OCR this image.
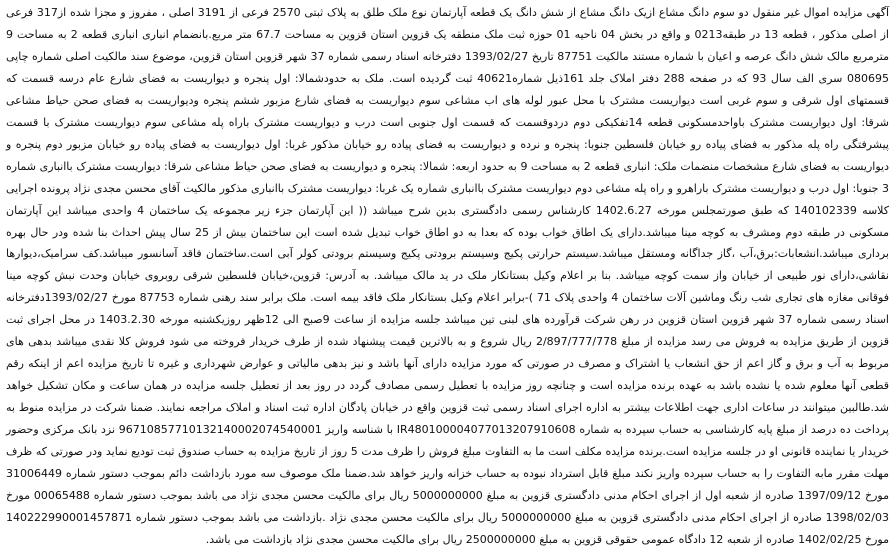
آگهی مزایده اموال غیر منقول دو سوم دانگ مشاع ازیک دانگ مشاع از شش دانگ یک قطعه آپارتمان نوع ملک طلق به پلاک ثبتی 2570 فرعی از 3191 اصلی ، مفروز و مجزا شده از317 فرعی از اصلی مذکور ، قطعه 13 در طبقه0213 و واقع در بخش 04 ناحیه 01 حوزه ثبت ملک منطقه یک قزوین استان قزوین به مساحت 67.7 متر مربع.بانضمام انباری انباری قطعه 2 به مساحت 9 مترمربع مالک شش دانگ عرصه و اعیان با شماره مستند مالکیت 87751 تاریخ 1393/02/27 دفترخانه اسناد رسمی شماره 37 شهر قزوین استان قزوین، موضوع سند مالکیت اصلی شماره چاپی 080695 سری الف سال 93 که در صفحه 288 دفتر املاک جلد 161ذیل شماره40621 ثبت گردیده است. ملک به حدودشمالا: اول پنجره و دیواریست به فضای شارع عام درسه قسمت که قسمتهای اول شرقی و سوم غربی است دیواریست مشترک با محل عبور لوله های اب مشاعی سوم دیواریست به فضای شارع مزبور ششم پنجره ودیواریست به فضای صحن حیاط مشاعی شرقا: اول دیواریست مشترک باواحدمسکونی قطعه 14تفکیکی دوم دردوقسمت که قسمت اول جنوبی است درب و دیواریست مشترک باراه پله مشاعی سوم دیواریست مشترک با قسمت پیشرفتگی راه پله مذکور به فضای پیاده رو خیابان فلسطین جنوبا: پنجره و نرده و دیواریست به فضای پیاده رو خیابان مذکور غربا: اول دیواریست به فضای پیاده رو خیابان مزبور دوم پنجره و دیواریست به فضای شارع مشخصات منضمات ملک: انباری قطعه 2 به مساحت 9 به حدود اربعه: شمالا: پنجره و دیواریست به فضای صحن حیاط مشاعی شرقا: دیواریست مشترک باانباری شماره 3 جنوبا: اول درب و دیواریست مشترک باراهرو و راه پله مشاعی دوم دیواریست مشترک باانباری شماره یک غربا: دیواریست مشترک باانباری مذکور مالکیت آقای محسن مجدی نژاد پرونده اجرایی کلاسه 140102339 که طبق صورتمجلس مورخه 1402.6.27 کارشناس رسمی دادگستری بدین شرح میباشد (( این آپارتمان جزء زیر مجموعه یک ساختمان 4 واحدی میباشد این آپارتمان مسکونی در طبقه دوم ومشرف به کوچه مینا میباشد.دارای یک اطاق خواب بوده که بعدا به دو اطاق خواب تبدیل شده است این ساختمان بیش از 25 سال پیش احداث بنا شده ودر حال بهره برداری میباشد.انشعابات:برق،آب ،گاز جداگانه ومستقل میباشد.سیستم حرارتی پکیج وسیستم برودتی پکیج وسیستم برودتی کولر آبی است.ساختمان فاقد آسانسور میباشد.کف سرامیک،دیوارها نقاشی،دارای نور طبیعی از خیابان واز سمت کوچه میباشد. بنا بر اعلام وکیل بستانکار ملک در ید مالک میباشد. به آدرس: قزوین،خیابان فلسطین شرقی روبروی خیابان وحدت نبش کوچه مینا فوقانی مغازه های تجاری شب رنگ وماشین آلات ساختمان 4 واحدی پلاک 71 )-برابر اعلام وکیل بستانکار ملک فاقد بیمه است. ملک برابر سند رهنی شماره 87753 مورخ 1393/02/27دفترخانه اسناد رسمی شماره 37 شهر قزوین استان قزوین در رهن شرکت قرآورده های لبنی تین میباشد جلسه مزایده از ساعت 9صبح الی 12ظهر روزیکشنبه مورخه 1403.2.30 در محل اجرای ثبت قزوین از طریق مزایده به فروش می رسد مزایده از مبلغ 2/897/777/778 ریال شروع و به بالاترین قیمت پیشنهاد شده از طرف خریدار فروخته می شود فروش کلا نقدی میباشد بدهی های مربوط به آب و برق و گاز اعم از حق انشعاب یا اشتراک و مصرف در صورتی که مورد مزایده دارای آنها باشد و نیز بدهی مالیاتی و عوارض شهرداری و غیره تا تاریخ مزایده اعم از اینکه رقم قطعی آنها معلوم شده یا نشده باشد به عهده برنده مزایده است و چنانچه روز مزایده با تعطیل رسمی مصادف گردد در روز بعد از تعطیل جلسه مزایده در همان ساعت و مکان تشکیل خواهد شد.طالبین میتوانند در ساعات اداری جهت اطلاعات بیشتر به اداره اجرای اسناد رسمی ثبت قزوین واقع در خیابان پادگان اداره ثبت اسناد و املاک مراجعه نمایند. ضمنا شرکت در مزایده منوط به پرداخت ده درصد از مبلغ پایه کارشناسی به حساب سپرده به شماره IR480100004077013207910608 با شناسه واریز 96710857710132140002074540001 نزد بانک مرکزی وحضور خریدار یا نماینده قانونی او در جلسه مزایده است.برنده مزایده مکلف است ما به التفاوت مبلغ فروش را ظرف مدت 5 روز از تاریخ مزایده به حساب صندوق ثبت تودیع نماید ودر صورتی که ظرف مهلت مقرر مابه التفاوت را به حساب سپرده واریز نکند مبلغ قابل استرداد نبوده به حساب خزانه واریز خواهد شد.ضمنا ملک موصوف سه مورد بازداشت دائم بموجب دستور شماره 31006449 مورخ 1397/09/12 صادره از شعبه اول از اجرای احکام مدنی دادگستری قزوین به مبلغ 5000000000 ریال برای مالکیت محسن مجدی نژاد می باشد بموجب دستور شماره 00065488 مورخ 1398/02/03 صادره از اجرای احکام مدنی دادگستری قزوین به مبلغ 5000000000 ریال برای مالکیت محسن مجدی نژاد .بازداشت می باشد بموجب دستور شماره 140222990001457871 مورخ 1402/02/25 صادره از شعبه 12 دادگاه عمومی حقوقی قزوین به مبلغ 2500000000 ریال برای مالکیت محسن مجدی نژاد بازداشت می باشد.
